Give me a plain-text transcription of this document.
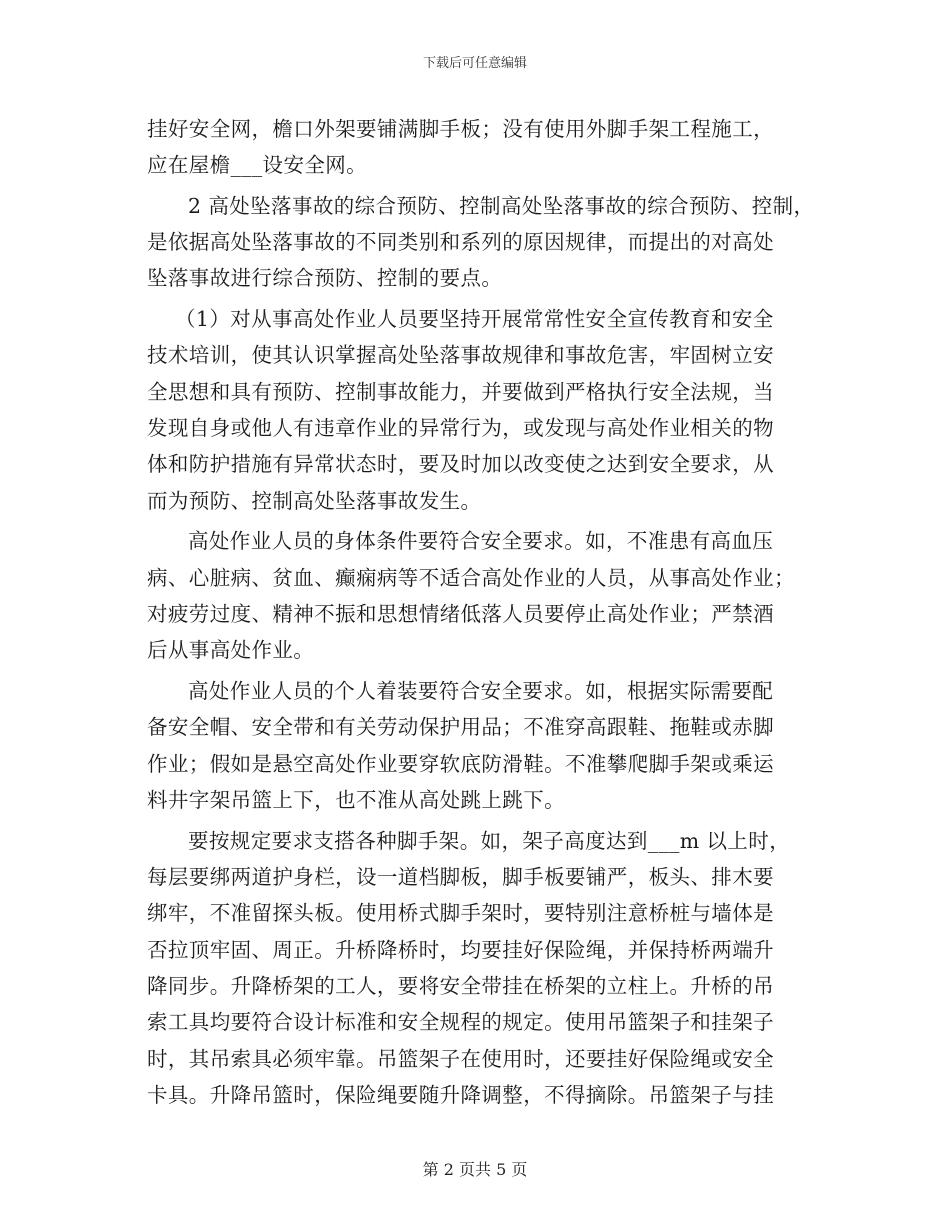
下载后可任意编辑
挂好安全网，檐口外架要铺满脚手板；没有使用外脚手架工程施工，
应在屋檐___设安全网。
2 高处坠落事故的综合预防、控制高处坠落事故的综合预防、控制，
是依据高处坠落事故的不同类别和系列的原因规律，而提出的对高处
坠落事故进行综合预防、控制的要点。
（1）对从事高处作业人员要坚持开展常常性安全宣传教育和安全
技术培训，使其认识掌握高处坠落事故规律和事故危害，牢固树立安
全思想和具有预防、控制事故能力，并要做到严格执行安全法规，当
发现自身或他人有违章作业的异常行为，或发现与高处作业相关的物
体和防护措施有异常状态时，要及时加以改变使之达到安全要求，从
而为预防、控制高处坠落事故发生。
高处作业人员的身体条件要符合安全要求。如，不准患有高血压
病、心脏病、贫血、癫痫病等不适合高处作业的人员，从事高处作业；
对疲劳过度、精神不振和思想情绪低落人员要停止高处作业；严禁酒
后从事高处作业。
高处作业人员的个人着装要符合安全要求。如，根据实际需要配
备安全帽、安全带和有关劳动保护用品；不准穿高跟鞋、拖鞋或赤脚
作业；假如是悬空高处作业要穿软底防滑鞋。不准攀爬脚手架或乘运
料井字架吊篮上下，也不准从高处跳上跳下。
要按规定要求支搭各种脚手架。如，架子高度达到___m 以上时，
每层要绑两道护身栏，设一道档脚板，脚手板要铺严，板头、排木要
绑牢，不准留探头板。使用桥式脚手架时，要特别注意桥桩与墙体是
否拉顶牢固、周正。升桥降桥时，均要挂好保险绳，并保持桥两端升
降同步。升降桥架的工人，要将安全带挂在桥架的立柱上。升桥的吊
索工具均要符合设计标准和安全规程的规定。使用吊篮架子和挂架子
时，其吊索具必须牢靠。吊篮架子在使用时，还要挂好保险绳或安全
卡具。升降吊篮时，保险绳要随升降调整，不得摘除。吊篮架子与挂
第 2 页共 5 页
